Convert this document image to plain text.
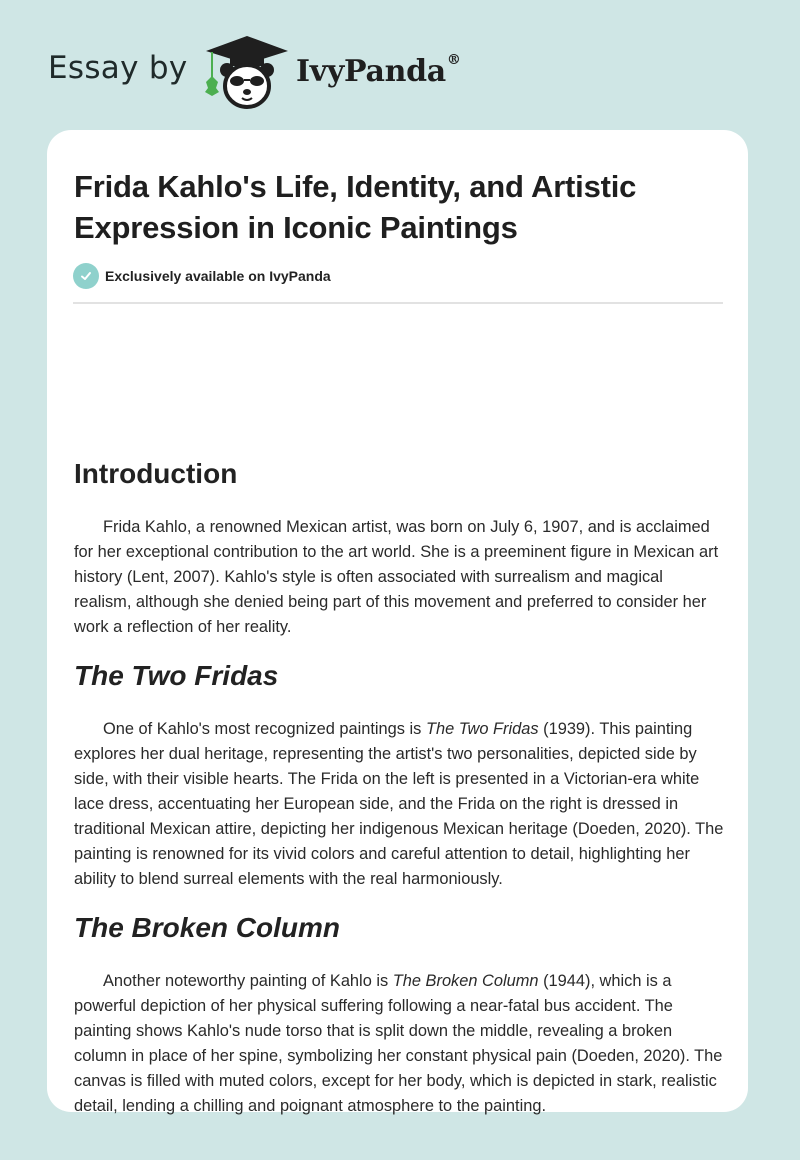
Essay by	IvyPanda®
Frida Kahlo's Life, Identity, and Artistic Expression in Iconic Paintings
Exclusively available on IvyPanda
Introduction

Frida Kahlo, a renowned Mexican artist, was born on July 6, 1907, and is acclaimed for her exceptional contribution to the art world. She is a preeminent figure in Mexican art history (Lent, 2007). Kahlo's style is often associated with surrealism and magical realism, although she denied being part of this movement and preferred to consider her work a reflection of her reality.

The Two Fridas

One of Kahlo's most recognized paintings is The Two Fridas (1939). This painting explores her dual heritage, representing the artist's two personalities, depicted side by side, with their visible hearts. The Frida on the left is presented in a Victorian-era white lace dress, accentuating her European side, and the Frida on the right is dressed in traditional Mexican attire, depicting her indigenous Mexican heritage (Doeden, 2020). The painting is renowned for its vivid colors and careful attention to detail, highlighting her ability to blend surreal elements with the real harmoniously.

The Broken Column

Another noteworthy painting of Kahlo is The Broken Column (1944), which is a powerful depiction of her physical suffering following a near-fatal bus accident. The painting shows Kahlo's nude torso that is split down the middle, revealing a broken column in place of her spine, symbolizing her constant physical pain (Doeden, 2020). The canvas is filled with muted colors, except for her body, which is depicted in stark, realistic detail, lending a chilling and poignant atmosphere to the painting.
